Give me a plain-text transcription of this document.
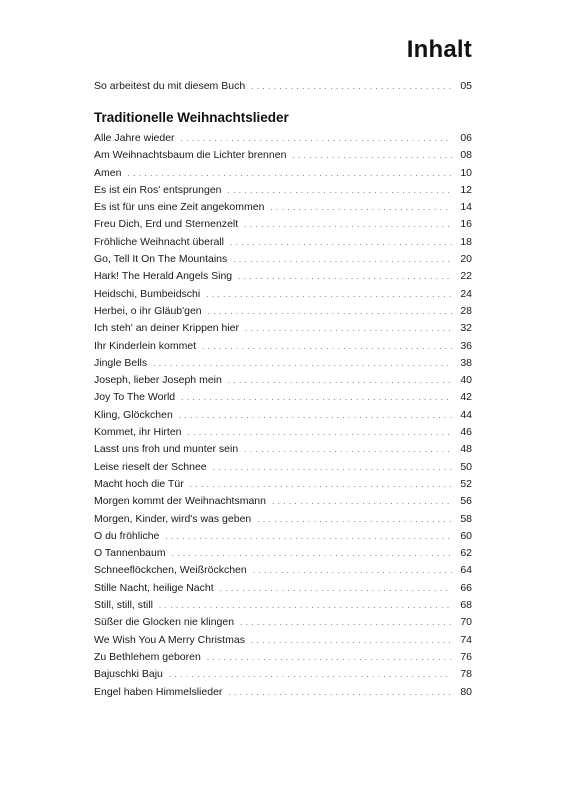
Inhalt
So arbeitest du mit diesem Buch . . .	05
Traditionelle Weihnachtslieder
Alle Jahre wieder . . .	06
Am Weihnachtsbaum die Lichter brennen . . .	08
Amen . . .	10
Es ist ein Ros' entsprungen . . .	12
Es ist für uns eine Zeit angekommen . . .	14
Freu Dich, Erd und Sternenzelt . . .	16
Fröhliche Weihnacht überall . . .	18
Go, Tell It On The Mountains . . .	20
Hark! The Herald Angels Sing . . .	22
Heidschi, Bumbeidschi . . .	24
Herbei, o ihr Gläub'gen . . .	28
Ich steh' an deiner Krippen hier . . .	32
Ihr Kinderlein kommet . . .	36
Jingle Bells . . .	38
Joseph, lieber Joseph mein . . .	40
Joy To The World . . .	42
Kling, Glöckchen . . .	44
Kommet, ihr Hirten . . .	46
Lasst uns froh und munter sein . . .	48
Leise rieselt der Schnee . . .	50
Macht hoch die Tür . . .	52
Morgen kommt der Weihnachtsmann . . .	56
Morgen, Kinder, wird's was geben . . .	58
O du fröhliche . . .	60
O Tannenbaum . . .	62
Schneeflöckchen, Weißröckchen . . .	64
Stille Nacht, heilige Nacht . . .	66
Still, still, still . . .	68
Süßer die Glocken nie klingen . . .	70
We Wish You A Merry Christmas . . .	74
Zu Bethlehem geboren . . .	76
Bajuschki Baju . . .	78
Engel haben Himmelslieder . . .	80
